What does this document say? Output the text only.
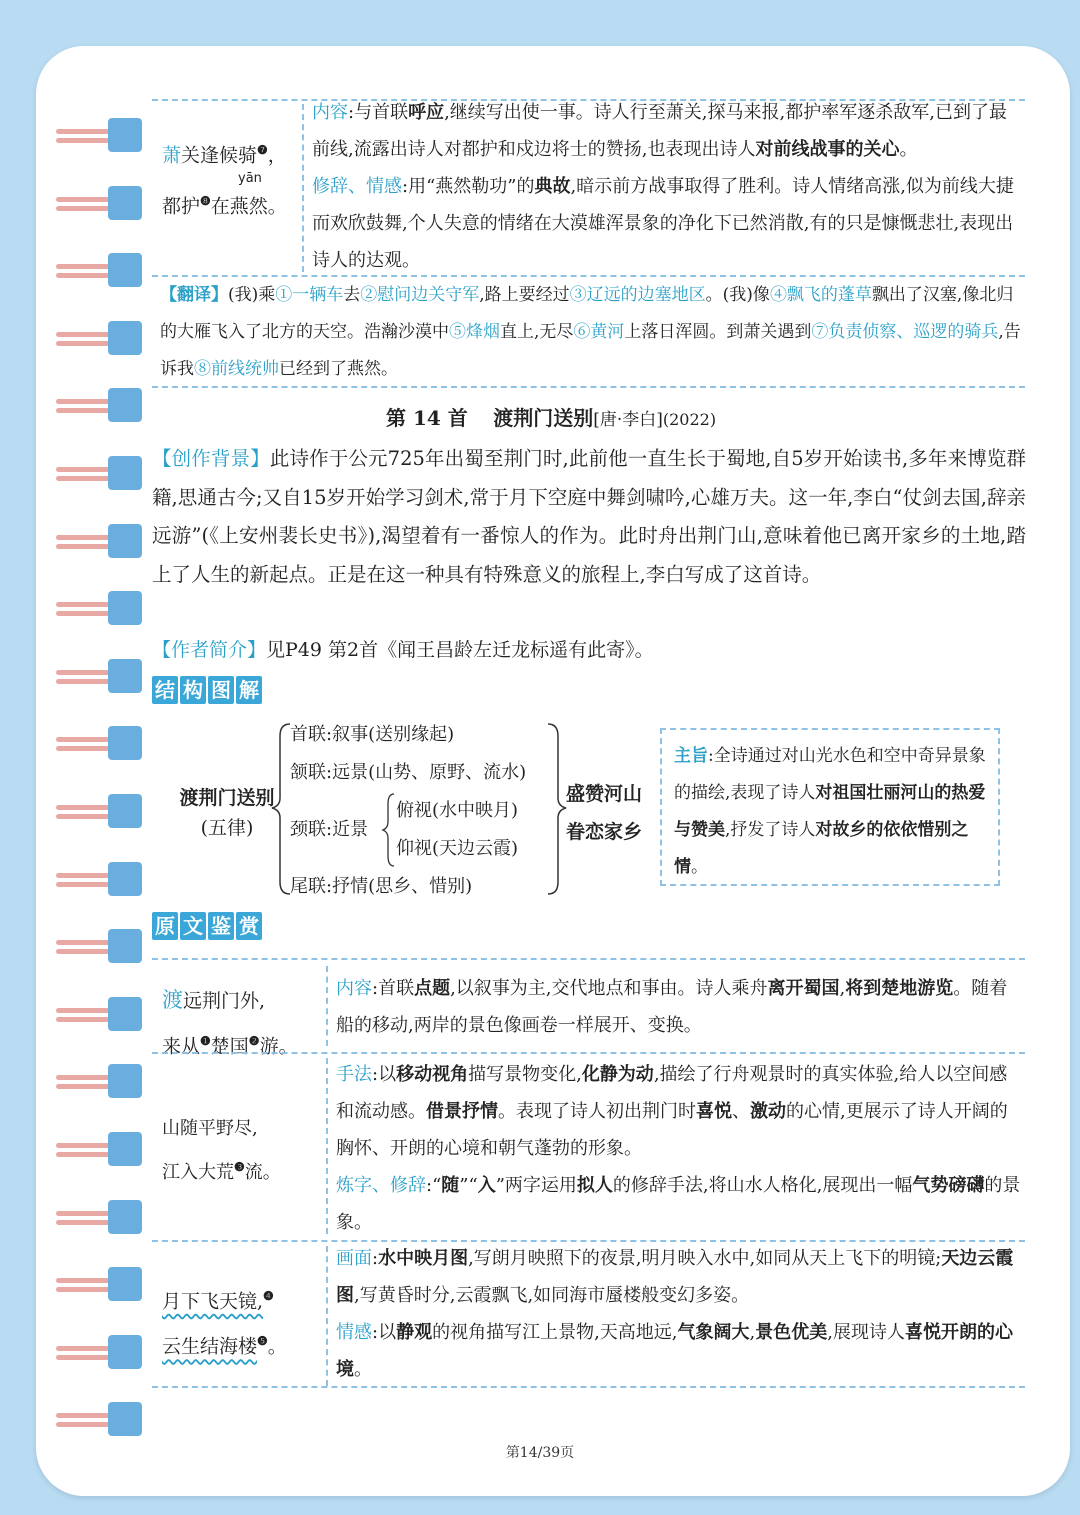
萧关逢候骑$^❼$，
yān
都护$^❽$在燕然。
内容:与首联呼应,继续写出使一事。诗人行至萧关,探马来报,都护率军逐杀敌军,已到了最前线,流露出诗人对都护和戍边将士的赞扬,也表现出诗人对前线战事的关心。
修辞、情感:用“燕然勒功”的典故,暗示前方战事取得了胜利。诗人情绪高涨,似为前线大捷而欢欣鼓舞,个人失意的情绪在大漠雄浑景象的净化下已然消散,有的只是慷慨悲壮,表现出诗人的达观。
【翻译】(我)乘①一辆车去②慰问边关守军,路上要经过③辽远的边塞地区。(我)像④飘飞的蓬草飘出了汉塞,像北归的大雁飞入了北方的天空。浩瀚沙漠中⑤烽烟直上,无尽⑥黄河上落日浑圆。到萧关遇到⑦负责侦察、巡逻的骑兵,告诉我⑧前线统帅已经到了燕然。
第 14 首 渡荆门送别[唐·李白](2022)
【创作背景】此诗作于公元725年出蜀至荆门时,此前他一直生长于蜀地,自5岁开始读书,多年来博览群籍,思通古今;又自15岁开始学习剑术,常于月下空庭中舞剑啸吟,心雄万夫。这一年,李白“仗剑去国,辞亲远游”(《上安州裴长史书》),渴望着有一番惊人的作为。此时舟出荆门山,意味着他已离开家乡的土地,踏上了人生的新起点。正是在这一种具有特殊意义的旅程上,李白写成了这首诗。
【作者简介】见P49 第2首《闻王昌龄左迁龙标遥有此寄》。
结 构 图 解
渡荆门送别
(五律)
首联:叙事(送别缘起)
颔联:远景(山势、原野、流水)
颈联:近景
俯视(水中映月)
仰视(天边云霞)
尾联:抒情(思乡、惜别)
盛赞河山
眷恋家乡
主旨:全诗通过对山光水色和空中奇异景象的描绘,表现了诗人对祖国壮丽河山的热爱与赞美,抒发了诗人对故乡的依依惜别之情。
原 文 鉴 赏
渡远荆门外,
来从$^❶$楚国$^❷$游。
内容:首联点题,以叙事为主,交代地点和事由。诗人乘舟离开蜀国,将到楚地游览。随着船的移动,两岸的景色像画卷一样展开、变换。
山随平野尽,
江入大荒$^❸$流。
手法:以移动视角描写景物变化,化静为动,描绘了行舟观景时的真实体验,给人以空间感和流动感。借景抒情。表现了诗人初出荆门时喜悦、激动的心情,更展示了诗人开阔的胸怀、开朗的心境和朝气蓬勃的形象。
炼字、修辞:“随”“入”两字运用拟人的修辞手法,将山水人格化,展现出一幅气势磅礴的景象。
月下飞天镜,$^❹$
云生结海楼$^❺$。
画面:水中映月图,写朗月映照下的夜景,明月映入水中,如同从天上飞下的明镜;天边云霞图,写黄昏时分,云霞飘飞,如同海市蜃楼般变幻多姿。
情感:以静观的视角描写江上景物,天高地远,气象阔大,景色优美,展现诗人喜悦开朗的心境。
第14/39页
